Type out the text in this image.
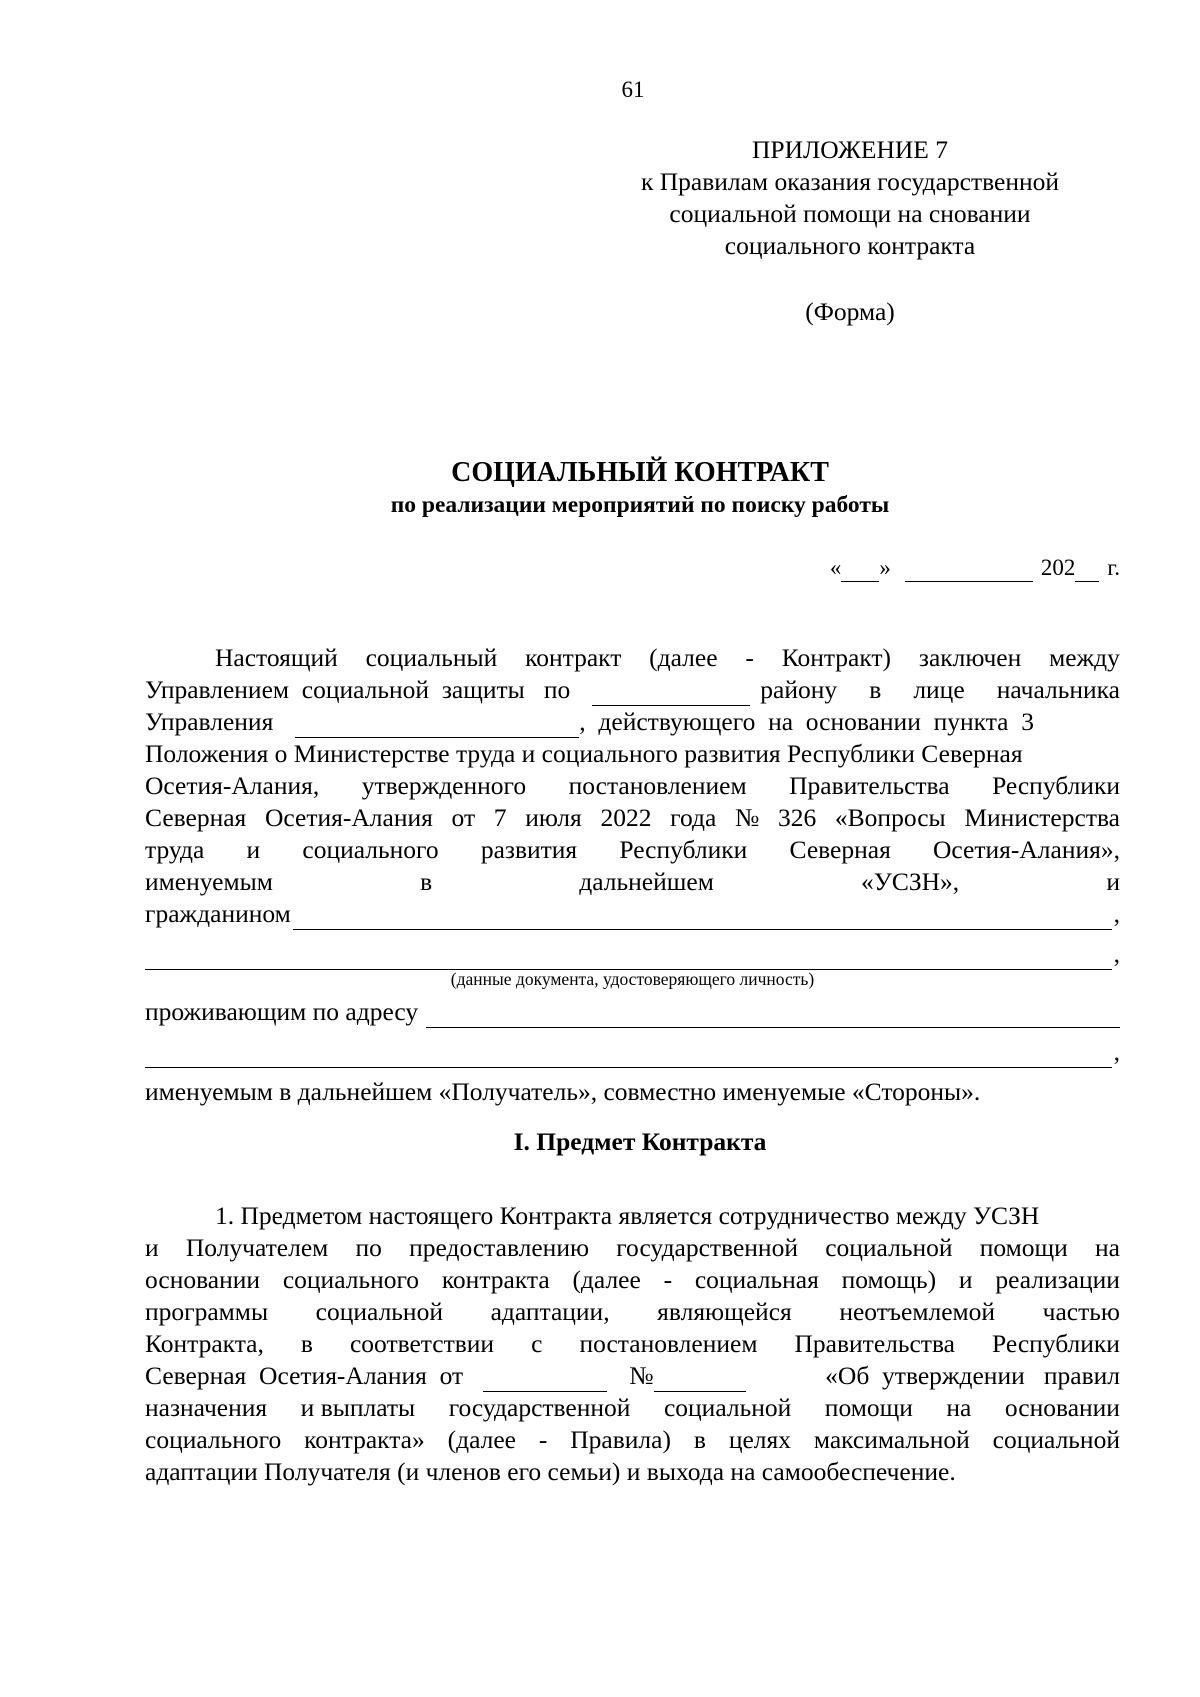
61
ПРИЛОЖЕНИЕ 7
к Правилам оказания государственной
социальной помощи на сновании
социального контракта
(Форма)
СОЦИАЛЬНЫЙ КОНТРАКТ
по реализации мероприятий по поиску работы
« »	202 г.
Настоящий социальный контракт (далее - Контракт) заключен между
Управлением  социальной  защиты   по	району в лице начальника
Управления	,  действующего  на  основании  пункта  3
Положения о Министерстве труда и социального развития Республики Северная
Осетия-Алания, утвержденного постановлением Правительства Республики
Северная Осетия-Алания от 7 июля 2022 года № 326 «Вопросы Министерства
труда и социального развития Республики Северная Осетия-Алания»,
именуемым	в	дальнейшем	«УСЗН»,	и
гражданином	,
,
(данные документа, удостоверяющего личность)
проживающим по адресу
,
именуемым в дальнейшем «Получатель», совместно именуемые «Стороны».
I. Предмет Контракта
1. Предметом настоящего Контракта является сотрудничество между УСЗН
и Получателем по предоставлению государственной социальной помощи на
основании социального контракта (далее - социальная помощь) и реализации
программы социальной адаптации, являющейся неотъемлемой частью
Контракта, в соответствии с постановлением Правительства Республики
Северная  Осетия-Алания  от	№	«Об  утверждении   правил
назначения и выплаты государственной социальной помощи на основании
социального контракта» (далее - Правила) в целях максимальной социальной
адаптации Получателя (и членов его семьи) и выхода на самообеспечение.
